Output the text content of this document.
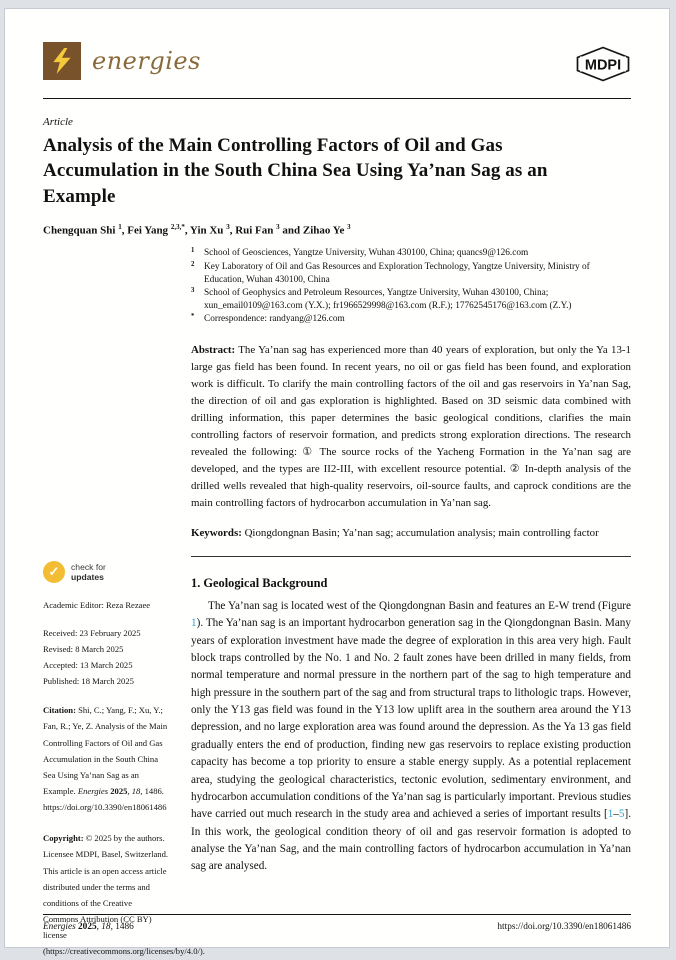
energies	MDPI
Article
Analysis of the Main Controlling Factors of Oil and Gas Accumulation in the South China Sea Using Ya’nan Sag as an Example
Chengquan Shi $^1$, Fei Yang $^{2,3,*}$, Yin Xu $^3$, Rui Fan $^3$ and Zihao Ye $^3$
✓	check for
updates
Academic Editor: Reza Rezaee
Received: 23 February 2025
Revised: 8 March 2025
Accepted: 13 March 2025
Published: 18 March 2025
Citation: Shi, C.; Yang, F.; Xu, Y.; Fan, R.; Ye, Z. Analysis of the Main Controlling Factors of Oil and Gas Accumulation in the South China Sea Using Ya’nan Sag as an Example. Energies 2025, 18, 1486. https://doi.org/10.3390/en18061486
Copyright: © 2025 by the authors. Licensee MDPI, Basel, Switzerland. This article is an open access article distributed under the terms and conditions of the Creative Commons Attribution (CC BY) license (https://creativecommons.org/licenses/by/4.0/).
1	School of Geosciences, Yangtze University, Wuhan 430100, China; quancs9@126.com
2	Key Laboratory of Oil and Gas Resources and Exploration Technology, Yangtze University, Ministry of Education, Wuhan 430100, China
3	School of Geophysics and Petroleum Resources, Yangtze University, Wuhan 430100, China; xun_email0109@163.com (Y.X.); fr1966529998@163.com (R.F.); 17762545176@163.com (Z.Y.)
*	Correspondence: randyang@126.com

Abstract: The Ya’nan sag has experienced more than 40 years of exploration, but only the Ya 13-1 large gas field has been found. In recent years, no oil or gas field has been found, and exploration work is difficult. To clarify the main controlling factors of the oil and gas reservoirs in Ya’nan Sag, the direction of oil and gas exploration is highlighted. Based on 3D seismic data combined with drilling information, this paper determines the basic geological conditions, clarifies the main controlling factors of reservoir formation, and predicts strong exploration directions. The research revealed the following: ① The source rocks of the Yacheng Formation in the Ya’nan sag are developed, and the types are II2-III, with excellent resource potential. ② In-depth analysis of the drilled wells revealed that high-quality reservoirs, oil-source faults, and caprock conditions are the main controlling factors of hydrocarbon accumulation in Ya’nan sag.

Keywords: Qiongdongnan Basin; Ya’nan sag; accumulation analysis; main controlling factor

1. Geological Background

The Ya’nan sag is located west of the Qiongdongnan Basin and features an E-W trend (Figure 1). The Ya’nan sag is an important hydrocarbon generation sag in the Qiongdongnan Basin. Many years of exploration investment have made the degree of exploration in this area very high. Fault block traps controlled by the No. 1 and No. 2 fault zones have been drilled in many fields, from normal temperature and normal pressure in the northern part of the sag to high temperature and high pressure in the southern part of the sag and from structural traps to lithologic traps. However, only the Y13 gas field was found in the Y13 low uplift area in the southern area around the Y13 depression, and no large exploration area was found around the depression. As the Ya 13 gas field gradually enters the end of production, finding new gas reservoirs to replace existing production capacity has become a top priority to ensure a stable energy supply. As a potential replacement area, studying the geological characteristics, tectonic evolution, sedimentary environment, and hydrocarbon accumulation conditions of the Ya’nan sag is particularly important. Previous studies have carried out much research in the study area and achieved a series of important results [1–5]. In this work, the geological condition theory of oil and gas reservoir formation is adopted to analyse the Ya’nan Sag, and the main controlling factors of hydrocarbon accumulation in Ya’nan sag are analysed.

Energies 2025, 18, 1486	https://doi.org/10.3390/en18061486
